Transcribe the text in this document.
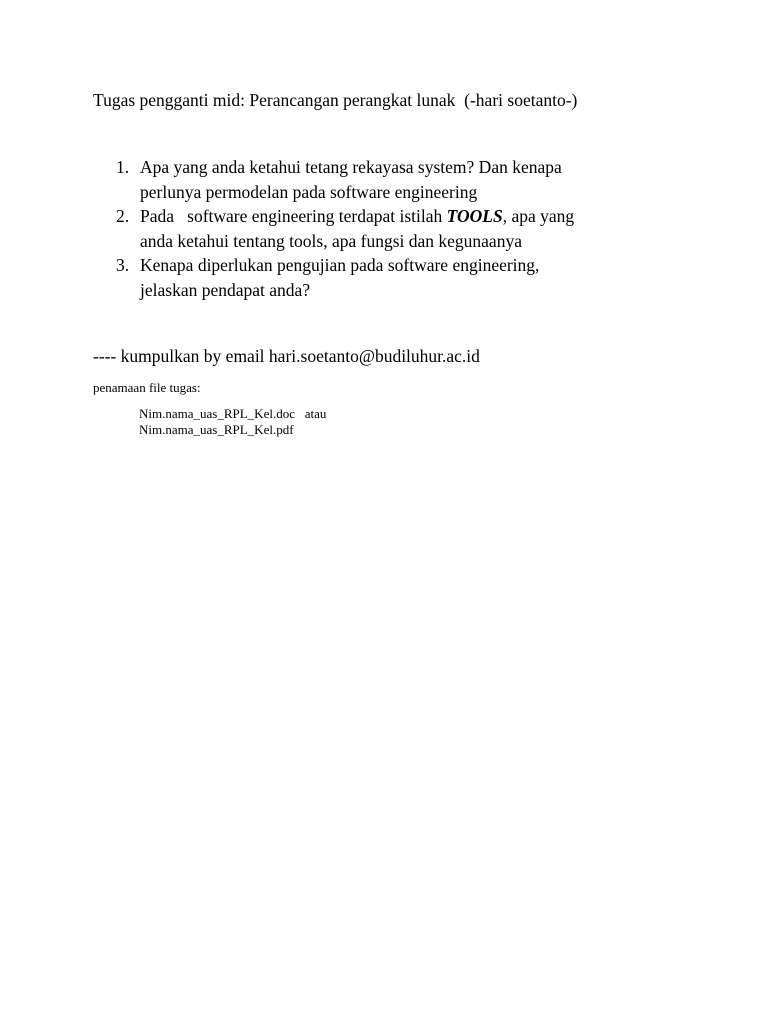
Tugas pengganti mid: Perancangan perangkat lunak  (-hari soetanto-)

1. Apa yang anda ketahui tetang rekayasa system? Dan kenapa
perlunya permodelan pada software engineering
2. Pada   software engineering terdapat istilah TOOLS, apa yang
anda ketahui tentang tools, apa fungsi dan kegunaanya
3. Kenapa diperlukan pengujian pada software engineering,
jelaskan pendapat anda?

---- kumpulkan by email hari.soetanto@budiluhur.ac.id

penamaan file tugas:

Nim.nama_uas_RPL_Kel.doc   atau
Nim.nama_uas_RPL_Kel.pdf
